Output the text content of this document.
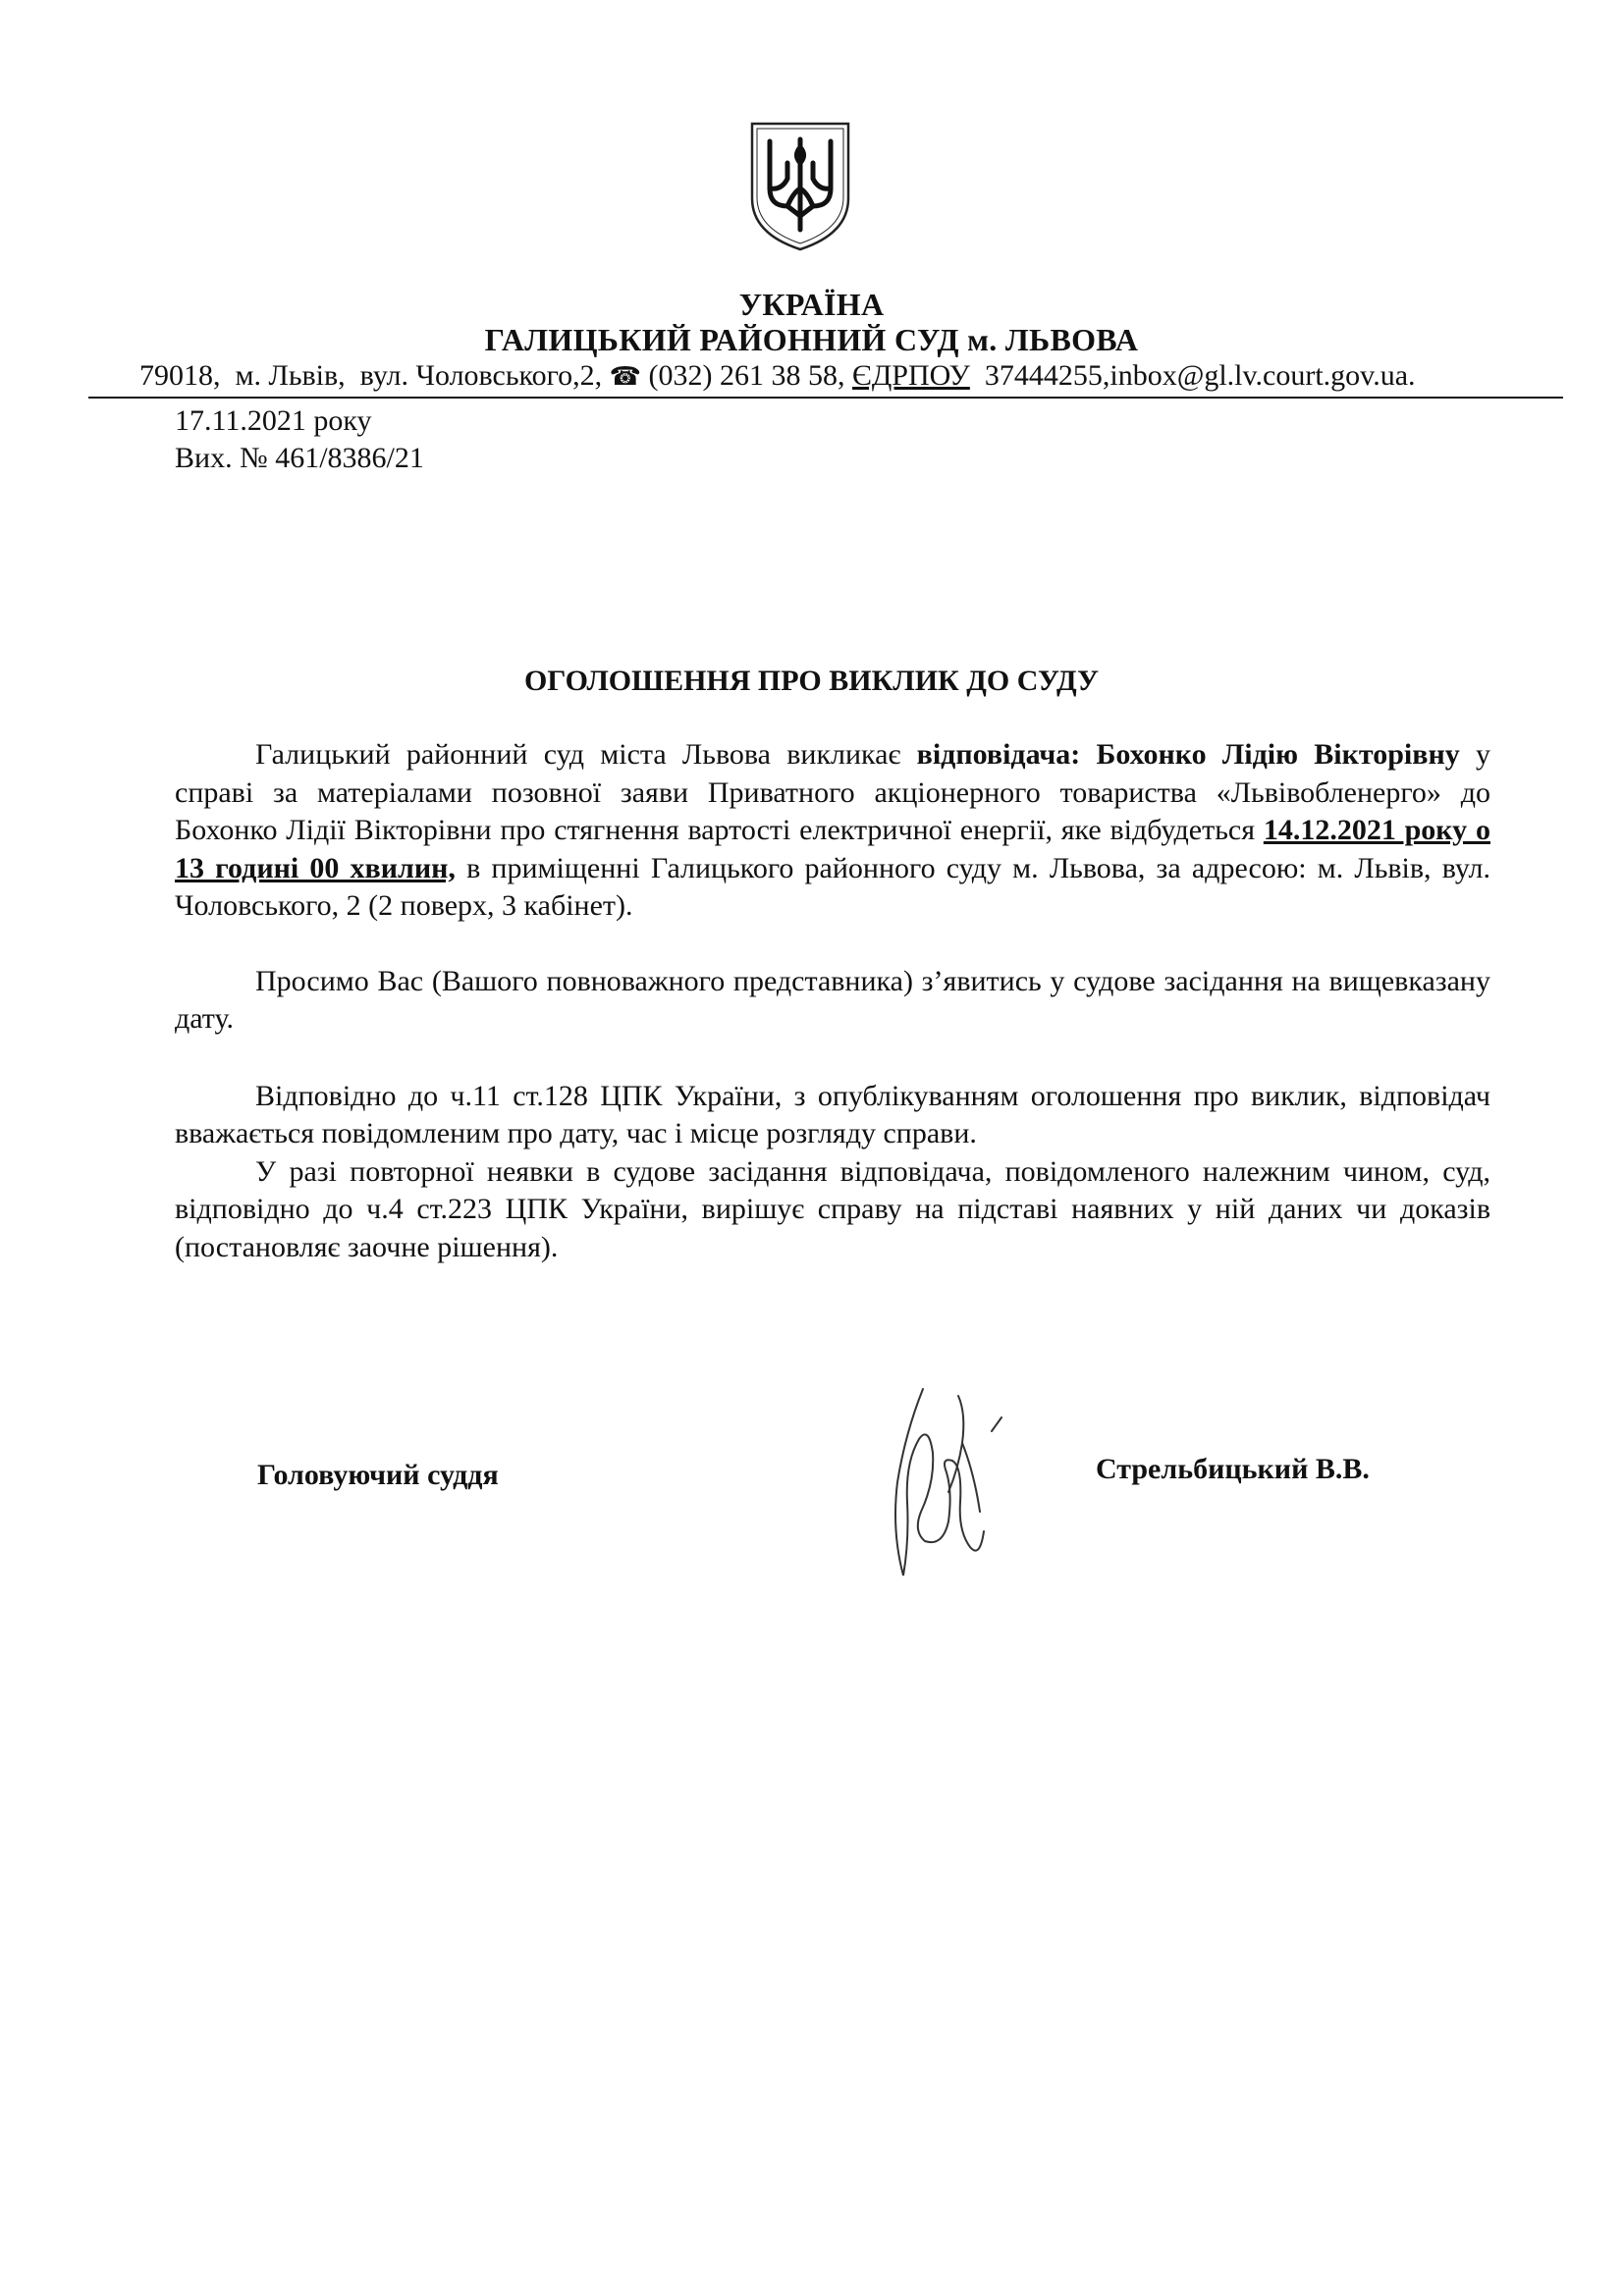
УКРАЇНА
ГАЛИЦЬКИЙ РАЙОННИЙ СУД м. ЛЬВОВА
79018,  м. Львів,  вул. Чоловського,2, ☎ (032) 261 38 58, ЄДРПОУ  37444255,inbox@gl.lv.court.gov.ua.
17.11.2021 року
Вих. № 461/8386/21
ОГОЛОШЕННЯ ПРО ВИКЛИК ДО СУДУ

Галицький районний суд міста Львова викликає відповідача: Бохонко Лідію Вікторівну у справі за матеріалами позовної заяви Приватного акціонерного товариства «Львівобленерго» до Бохонко Лідії Вікторівни про стягнення вартості електричної енергії, яке відбудеться 14.12.2021 року о 13 годині 00 хвилин, в приміщенні Галицького районного суду м. Львова, за адресою: м. Львів, вул. Чоловського, 2 (2 поверх, 3 кабінет).

Просимо Вас (Вашого повноважного представника) з’явитись у судове засідання на вищевказану дату.

Відповідно до ч.11 ст.128 ЦПК України, з опублікуванням оголошення про виклик, відповідач вважається повідомленим про дату, час і місце розгляду справи.

У разі повторної неявки в судове засідання відповідача, повідомленого належним чином, суд, відповідно до ч.4 ст.223 ЦПК України, вирішує справу на підставі наявних у ній даних чи доказів (постановляє заочне рішення).

Головуючий суддя	Стрельбицький В.В.
